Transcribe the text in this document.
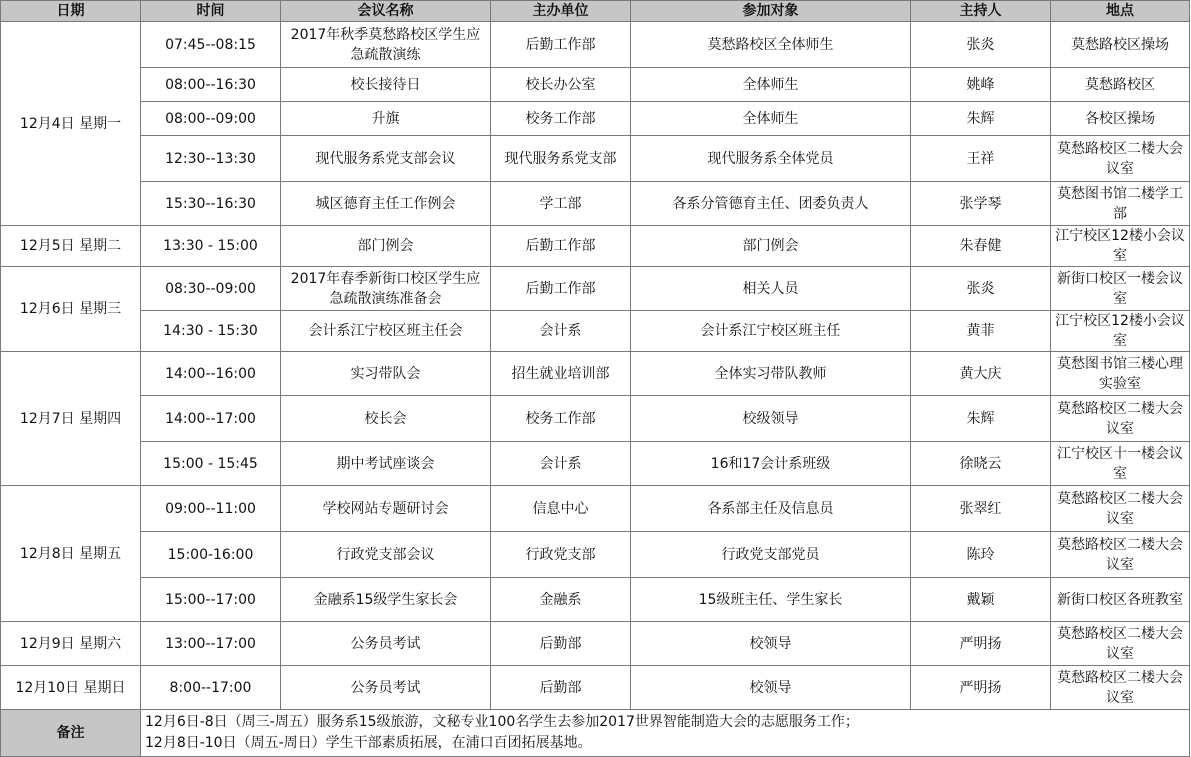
日期	时间	会议名称	主办单位	参加对象	主持人	地点
12月4日 星期一	07:45--08:15	2017年秋季莫愁路校区学生应急疏散演练	后勤工作部	莫愁路校区全体师生	张炎	莫愁路校区操场
	08:00--16:30	校长接待日	校长办公室	全体师生	姚峰	莫愁路校区
	08:00--09:00	升旗	校务工作部	全体师生	朱辉	各校区操场
	12:30--13:30	现代服务系党支部会议	现代服务系党支部	现代服务系全体党员	王祥	莫愁路校区二楼大会议室
	15:30--16:30	城区德育主任工作例会	学工部	各系分管德育主任、团委负责人	张学琴	莫愁图书馆二楼学工部
12月5日 星期二	13:30 - 15:00	部门例会	后勤工作部	部门例会	朱春健	江宁校区12楼小会议室
12月6日 星期三	08:30--09:00	2017年春季新街口校区学生应急疏散演练准备会	后勤工作部	相关人员	张炎	新街口校区一楼会议室
	14:30 - 15:30	会计系江宁校区班主任会	会计系	会计系江宁校区班主任	黄菲	江宁校区12楼小会议室
12月7日 星期四	14:00--16:00	实习带队会	招生就业培训部	全体实习带队教师	黄大庆	莫愁图书馆三楼心理实验室
	14:00--17:00	校长会	校务工作部	校级领导	朱辉	莫愁路校区二楼大会议室
	15:00 - 15:45	期中考试座谈会	会计系	16和17会计系班级	徐晓云	江宁校区十一楼会议室
12月8日 星期五	09:00--11:00	学校网站专题研讨会	信息中心	各系部主任及信息员	张翠红	莫愁路校区二楼大会议室
	15:00-16:00	行政党支部会议	行政党支部	行政党支部党员	陈玲	莫愁路校区二楼大会议室
	15:00--17:00	金融系15级学生家长会	金融系	15级班主任、学生家长	戴颖	新街口校区各班教室
12月9日 星期六	13:00--17:00	公务员考试	后勤部	校领导	严明扬	莫愁路校区二楼大会议室
12月10日 星期日	8:00--17:00	公务员考试	后勤部	校领导	严明扬	莫愁路校区二楼大会议室
备注	12月6日-8日（周三-周五）服务系15级旅游，文秘专业100名学生去参加2017世界智能制造大会的志愿服务工作；
12月8日-10日（周五-周日）学生干部素质拓展，在浦口百团拓展基地。					
